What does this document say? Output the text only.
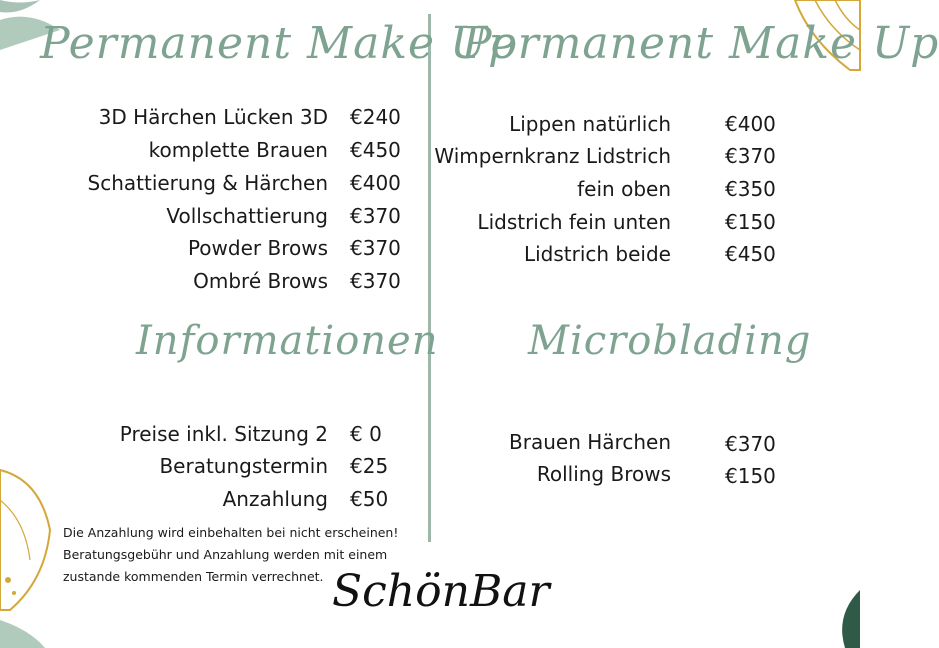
Permanent Make Up
Permanent Make Up
Informationen Microblading
3D Härchen Lücken 3D €240
komplette Brauen €450
Schattierung & Härchen €400
Vollschattierung €370
Powder Brows €370
Ombré Brows €370
Lippen natürlich	€400
Wimpernkranz Lidstrich	€370
fein oben	€350
Lidstrich fein unten	€150
Lidstrich beide	€450
Preise inkl. Sitzung 2 € 0
Beratungstermin €25
Anzahlung €50
Brauen Härchen	€370
Rolling Brows	€150
Die Anzahlung wird einbehalten bei nicht erscheinen!
Beratungsgebühr und Anzahlung werden mit einem
zustande kommenden Termin verrechnet. SchönBar
